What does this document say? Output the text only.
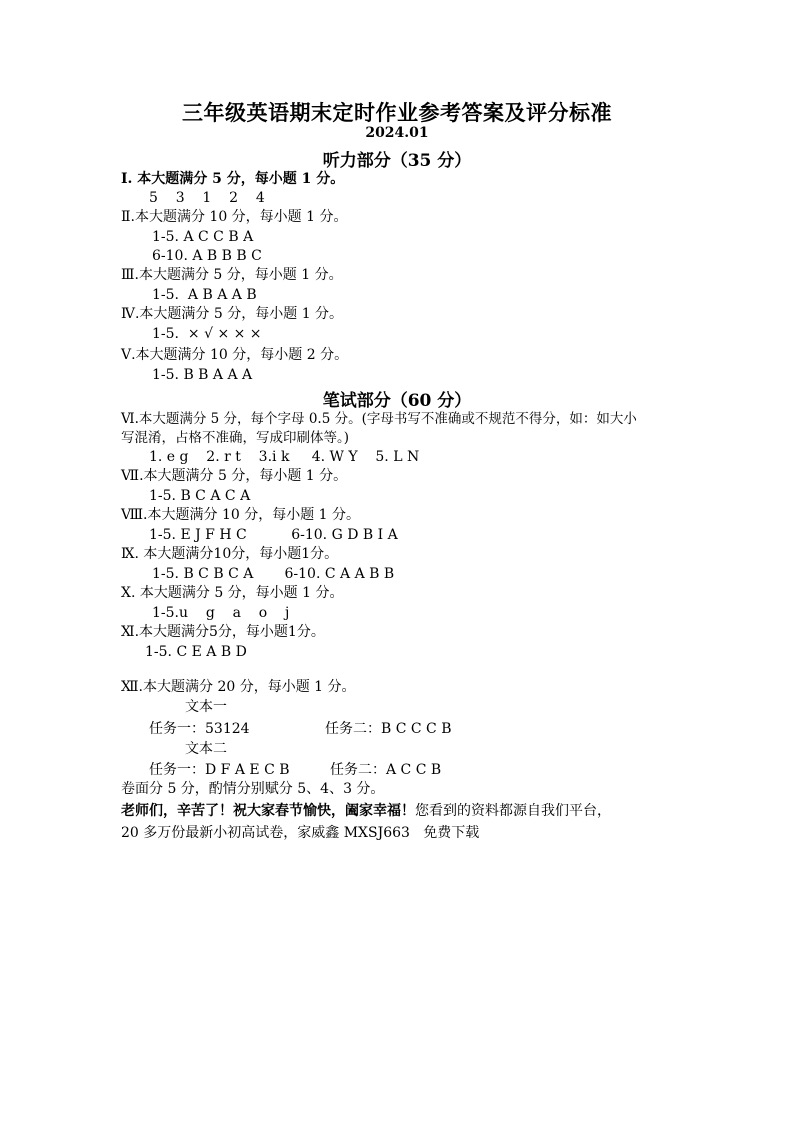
三年级英语期末定时作业参考答案及评分标准
2024.01
听力部分（35 分）
Ⅰ. 本大题满分 5 分，每小题 1 分。
5    3    1    2    4
Ⅱ.本大题满分 10 分，每小题 1 分。
1-5. A C C B A
6-10. A B B B C
Ⅲ.本大题满分 5 分，每小题 1 分。
1-5.  A B A A B
Ⅳ.本大题满分 5 分，每小题 1 分。
1-5.  × √ × × ×
Ⅴ.本大题满分 10 分，每小题 2 分。
1-5. B B A A A
笔试部分（60 分）
Ⅵ.本大题满分 5 分，每个字母 0.5 分。(字母书写不准确或不规范不得分，如：如大小
写混淆，占格不准确，写成印刷体等。)
1. e g    2. r t    3.i k     4. W Y    5. L N
Ⅶ.本大题满分 5 分，每小题 1 分。
1-5. B C A C A
Ⅷ.本大题满分 10 分，每小题 1 分。
1-5. E J F H C          6-10. G D B I A
Ⅸ. 本大题满分10分，每小题1分。
1-5. B C B C A       6-10. C A A B B
Ⅹ. 本大题满分 5 分，每小题 1 分。
1-5.u    g    a    o    j
Ⅺ.本大题满分5分，每小题1分。
1-5. C E A B D
Ⅻ.本大题满分 20 分，每小题 1 分。
文本一
任务一：53124	任务二：B C C C B
文本二
任务一：D F A E C B	任务二：A C C B
卷面分 5 分，酌情分别赋分 5、4、3 分。
老师们，辛苦了！祝大家春节愉快，阖家幸福！您看到的资料都源自我们平台，
20 多万份最新小初高试卷，家威鑫 MXSJ663   免费下载
